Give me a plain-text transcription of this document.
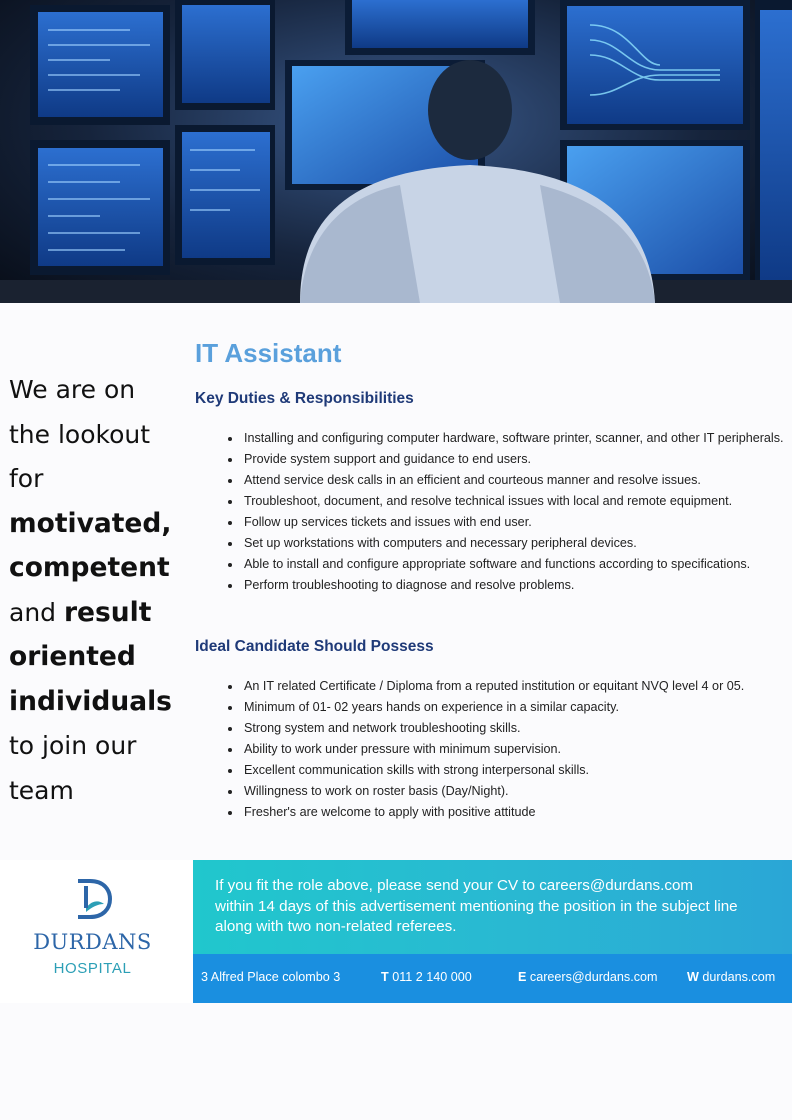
We are on
the lookout
for
motivated,
competent
and result
oriented
individuals
to join our
team
IT Assistant
Key Duties & Responsibilities
• Installing and configuring computer hardware, software printer, scanner, and other IT peripherals.
• Provide system support and guidance to end users.
• Attend service desk calls in an efficient and courteous manner and resolve issues.
• Troubleshoot, document, and resolve technical issues with local and remote equipment.
• Follow up services tickets and issues with end user.
• Set up workstations with computers and necessary peripheral devices.
• Able to install and configure appropriate software and functions according to specifications.
• Perform troubleshooting to diagnose and resolve problems.
Ideal Candidate Should Possess
• An IT related Certificate / Diploma from a reputed institution or equitant NVQ level 4 or 05.
• Minimum of 01- 02 years hands on experience in a similar capacity.
• Strong system and network troubleshooting skills.
• Ability to work under pressure with minimum supervision.
• Excellent communication skills with strong interpersonal skills.
• Willingness to work on roster basis (Day/Night).
• Fresher's are welcome to apply with positive attitude
DURDANS
HOSPITAL
If you fit the role above, please send your CV to careers@durdans.com
within 14 days of this advertisement mentioning the position in the subject line
along with two non-related referees.
3 Alfred Place colombo 3	T 011 2 140 000	E careers@durdans.com W durdans.com
